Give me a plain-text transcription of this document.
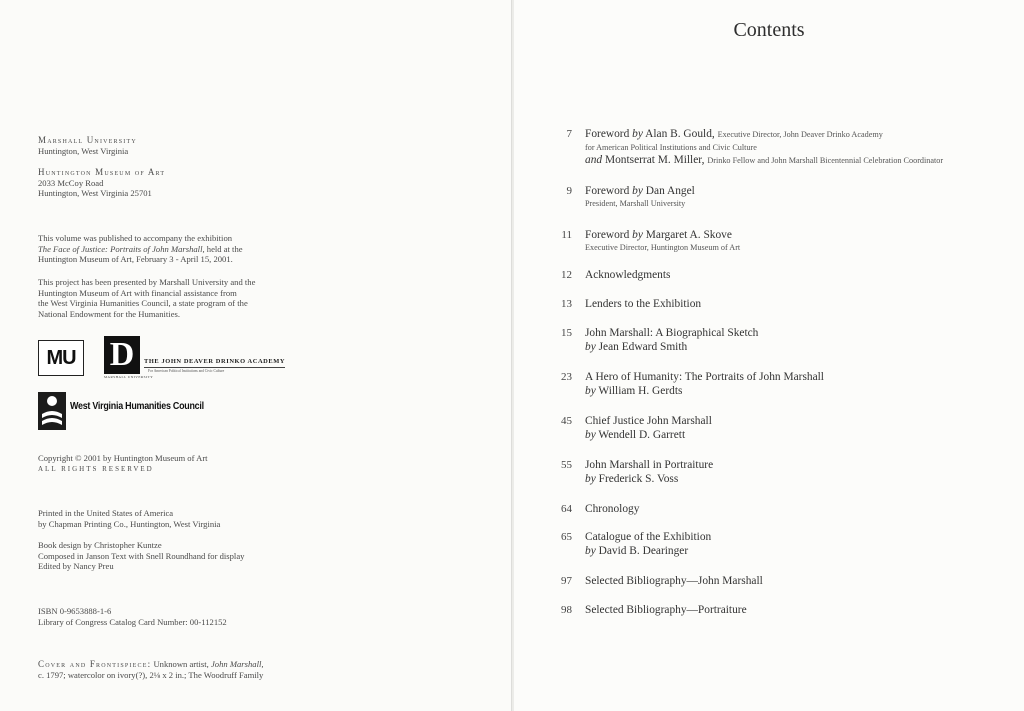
Marshall University
Huntington, West Virginia
Huntington Museum of Art
2033 McCoy Road
Huntington, West Virginia 25701
This volume was published to accompany the exhibition
The Face of Justice: Portraits of John Marshall, held at the
Huntington Museum of Art, February 3 - April 15, 2001.
This project has been presented by Marshall University and the
Huntington Museum of Art with financial assistance from
the West Virginia Humanities Council, a state program of the
National Endowment for the Humanities.
MU D
MARSHALL UNIVERSITY
THE JOHN DEAVER DRINKO ACADEMY
For American Political Institutions and Civic Culture
West Virginia Humanities Council
Copyright © 2001 by Huntington Museum of Art
ALL RIGHTS RESERVED
Printed in the United States of America
by Chapman Printing Co., Huntington, West Virginia
Book design by Christopher Kuntze
Composed in Janson Text with Snell Roundhand for display
Edited by Nancy Preu
ISBN 0-9653888-1-6
Library of Congress Catalog Card Number: 00-112152
Cover and Frontispiece: Unknown artist, John Marshall,
c. 1797; watercolor on ivory(?), 2⅛ x 2 in.; The Woodruff Family
Contents
7 Foreword by Alan B. Gould, Executive Director, John Deaver Drinko Academy
for American Political Institutions and Civic Culture
and Montserrat M. Miller, Drinko Fellow and John Marshall Bicentennial Celebration Coordinator
9 Foreword by Dan Angel
President, Marshall University
11 Foreword by Margaret A. Skove
Executive Director, Huntington Museum of Art
12 Acknowledgments
13 Lenders to the Exhibition
15 John Marshall: A Biographical Sketch
by Jean Edward Smith
23 A Hero of Humanity: The Portraits of John Marshall
by William H. Gerdts
45 Chief Justice John Marshall
by Wendell D. Garrett
55 John Marshall in Portraiture
by Frederick S. Voss
64 Chronology
65 Catalogue of the Exhibition
by David B. Dearinger
97 Selected Bibliography—John Marshall
98 Selected Bibliography—Portraiture
